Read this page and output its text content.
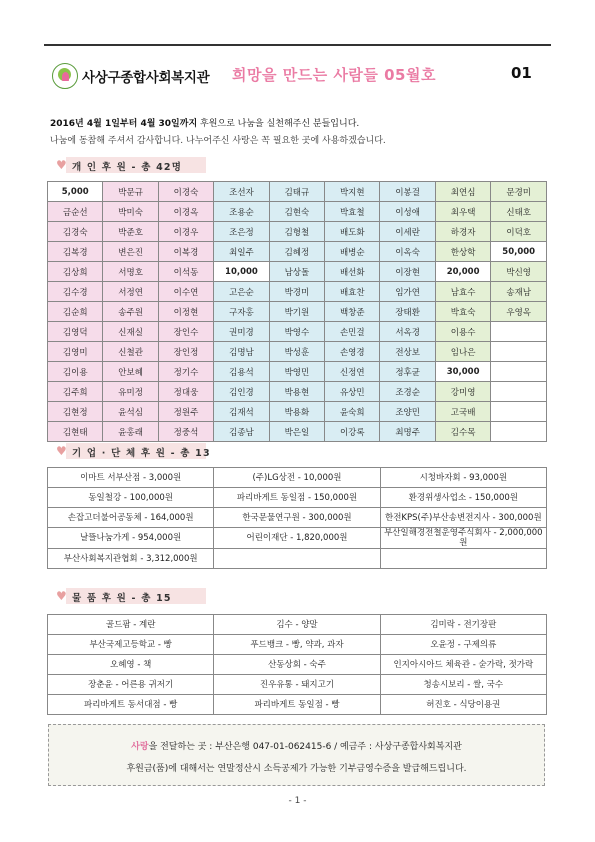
사상구종합사회복지관 희망을 만드는 사람들 05월호	01
2016년 4월 1일부터 4월 30일까지 후원으로 나눔을 실천해주신 분들입니다.
나눔에 동참해 주셔서 감사합니다. 나누어주신 사랑은 꼭 필요한 곳에 사용하겠습니다.
♥ 개 인 후 원 - 총 42명
5,000	박문규	이경숙	조선자	김태규	박지현	이봉걸	최연심	문경미
금순선	박미숙	이경옥	조용순	김현숙	박효철	이성애	최우택	신태호
김경숙	박준호	이경우	조은정	김형철	배도화	이세란	하경자	이덕호
김복경	변은진	이복경	최일주	김혜정	배병순	이옥숙	한상학	50,000
김상희	서명호	이석동	10,000	남상돌	배선화	이장현	20,000	박신영
김수경	서정연	이수연	고은순	박경미	배효찬	임가연	남효수	송재남
김순희	송주원	이정현	구자홍	박기원	백창준	장태환	박효숙	우영옥
김영덕	신재실	장인수	권미경	박영수	손민걸	서옥경	이용수	
김영미	신철관	장인정	김명남	박성훈	손영경	전상보	임나은	
김이용	안보혜	정기수	김용석	박영민	신정연	정후균	30,000	
김주희	유미정	정대웅	김인경	박용현	유상민	조경순	강미영	
김현정	윤석심	정원주	김재석	박용화	윤숙희	조양민	고국배	
김현태	윤홍래	정중석	김종남	박은일	이강록	최명주	김수목	
♥ 기 업 · 단 체 후 원 - 총 13
이마트 서부산점 - 3,000원	(주)LG상전 - 10,000원	시청바자회 - 93,000원
동일철강 - 100,000원	파리바게트 동일점 - 150,000원	환경위생사업소 - 150,000원
손잡고더불어공동체 - 164,000원	한국문물연구원 - 300,000원	한전KPS(주)부산송변전지사 - 300,000원
날뜰나눔가게 - 954,000원	어린이재단 - 1,820,000원	부산일해경전철운영주식회사 - 2,000,000원
부산사회복지관협회 - 3,312,000원		
♥ 물 품 후 원 - 총 15
골드팜 - 계란	김수 - 양말	김미락 - 전기장판
부산국제고등학교 - 빵	푸드뱅크 - 빵, 약과, 과자	오윤정 - 구제의류
오혜영 - 책	산동상회 - 숙주	인지아시아드 체육관 - 숟가락, 젓가락
장춘윤 - 어른용 귀저기	진우유통 - 돼지고기	청송시보리 - 쌀, 국수
파리바게트 동서대점 - 빵	파리바게트 동일점 - 빵	허진호 - 식당이용권
사랑을 전달하는 곳 : 부산은행 047-01-062415-6 / 예금주 : 사상구종합사회복지관
후원금(품)에 대해서는 연말정산시 소득공제가 가능한 기부금영수증을 발급해드립니다.
- 1 -
